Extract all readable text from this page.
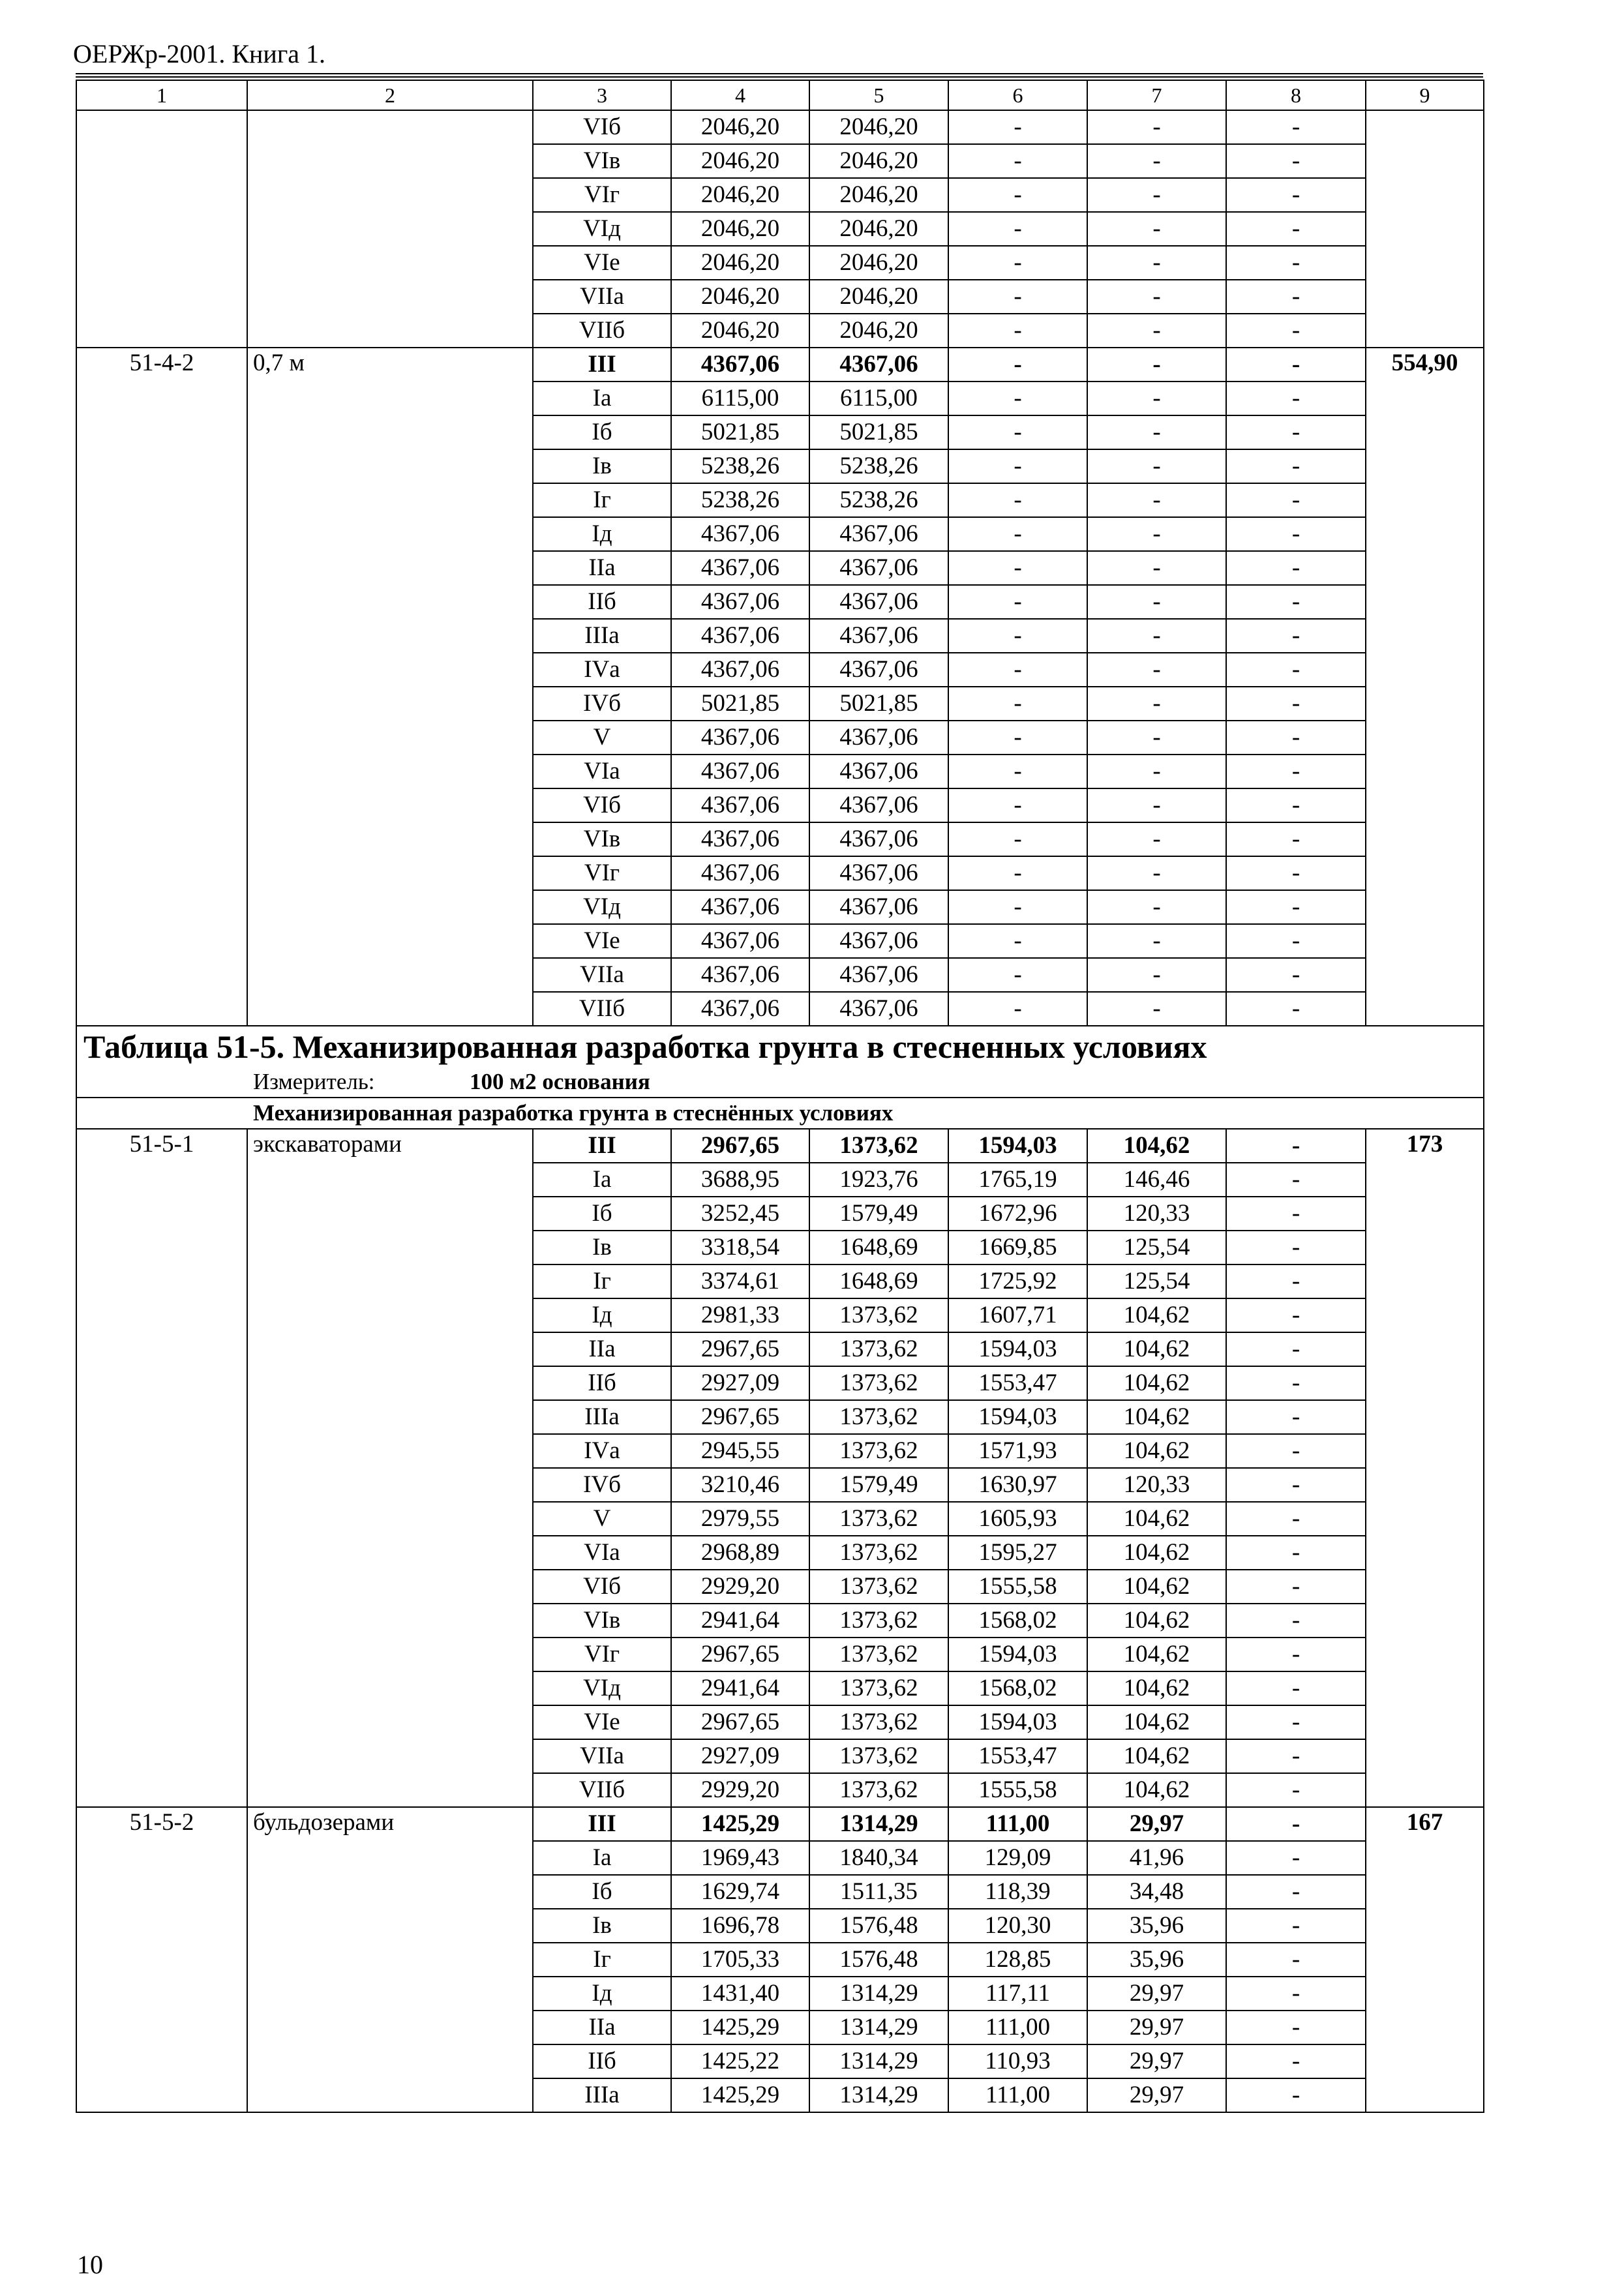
ОЕРЖр-2001. Книга 1.
1	2	3	4	5	6	7	8	9
		VIб	2046,20	2046,20	-	-	-	
		VIв	2046,20	2046,20	-	-	-	
		VIг	2046,20	2046,20	-	-	-	
		VIд	2046,20	2046,20	-	-	-	
		VIе	2046,20	2046,20	-	-	-	
		VIIа	2046,20	2046,20	-	-	-	
		VIIб	2046,20	2046,20	-	-	-	
51-4-2	0,7 м	III	4367,06	4367,06	-	-	-	554,90
		Iа	6115,00	6115,00	-	-	-	
		Iб	5021,85	5021,85	-	-	-	
		Iв	5238,26	5238,26	-	-	-	
		Iг	5238,26	5238,26	-	-	-	
		Iд	4367,06	4367,06	-	-	-	
		IIа	4367,06	4367,06	-	-	-	
		IIб	4367,06	4367,06	-	-	-	
		IIIа	4367,06	4367,06	-	-	-	
		IVа	4367,06	4367,06	-	-	-	
		IVб	5021,85	5021,85	-	-	-	
		V	4367,06	4367,06	-	-	-	
		VIа	4367,06	4367,06	-	-	-	
		VIб	4367,06	4367,06	-	-	-	
		VIв	4367,06	4367,06	-	-	-	
		VIг	4367,06	4367,06	-	-	-	
		VIд	4367,06	4367,06	-	-	-	
		VIе	4367,06	4367,06	-	-	-	
		VIIа	4367,06	4367,06	-	-	-	
		VIIб	4367,06	4367,06	-	-	-	
Таблица 51-5. Механизированная разработка грунта в стесненных условиях								
Измеритель: 100 м2 основания								
Механизированная разработка грунта в стеснённых условиях								
51-5-1	экскаваторами	III	2967,65	1373,62	1594,03	104,62	-	173
		Iа	3688,95	1923,76	1765,19	146,46	-	
		Iб	3252,45	1579,49	1672,96	120,33	-	
		Iв	3318,54	1648,69	1669,85	125,54	-	
		Iг	3374,61	1648,69	1725,92	125,54	-	
		Iд	2981,33	1373,62	1607,71	104,62	-	
		IIа	2967,65	1373,62	1594,03	104,62	-	
		IIб	2927,09	1373,62	1553,47	104,62	-	
		IIIа	2967,65	1373,62	1594,03	104,62	-	
		IVа	2945,55	1373,62	1571,93	104,62	-	
		IVб	3210,46	1579,49	1630,97	120,33	-	
		V	2979,55	1373,62	1605,93	104,62	-	
		VIа	2968,89	1373,62	1595,27	104,62	-	
		VIб	2929,20	1373,62	1555,58	104,62	-	
		VIв	2941,64	1373,62	1568,02	104,62	-	
		VIг	2967,65	1373,62	1594,03	104,62	-	
		VIд	2941,64	1373,62	1568,02	104,62	-	
		VIе	2967,65	1373,62	1594,03	104,62	-	
		VIIа	2927,09	1373,62	1553,47	104,62	-	
		VIIб	2929,20	1373,62	1555,58	104,62	-	
51-5-2	бульдозерами	III	1425,29	1314,29	111,00	29,97	-	167
		Iа	1969,43	1840,34	129,09	41,96	-	
		Iб	1629,74	1511,35	118,39	34,48	-	
		Iв	1696,78	1576,48	120,30	35,96	-	
		Iг	1705,33	1576,48	128,85	35,96	-	
		Iд	1431,40	1314,29	117,11	29,97	-	
		IIа	1425,29	1314,29	111,00	29,97	-	
		IIб	1425,22	1314,29	110,93	29,97	-	
		IIIа	1425,29	1314,29	111,00	29,97	-	
10
